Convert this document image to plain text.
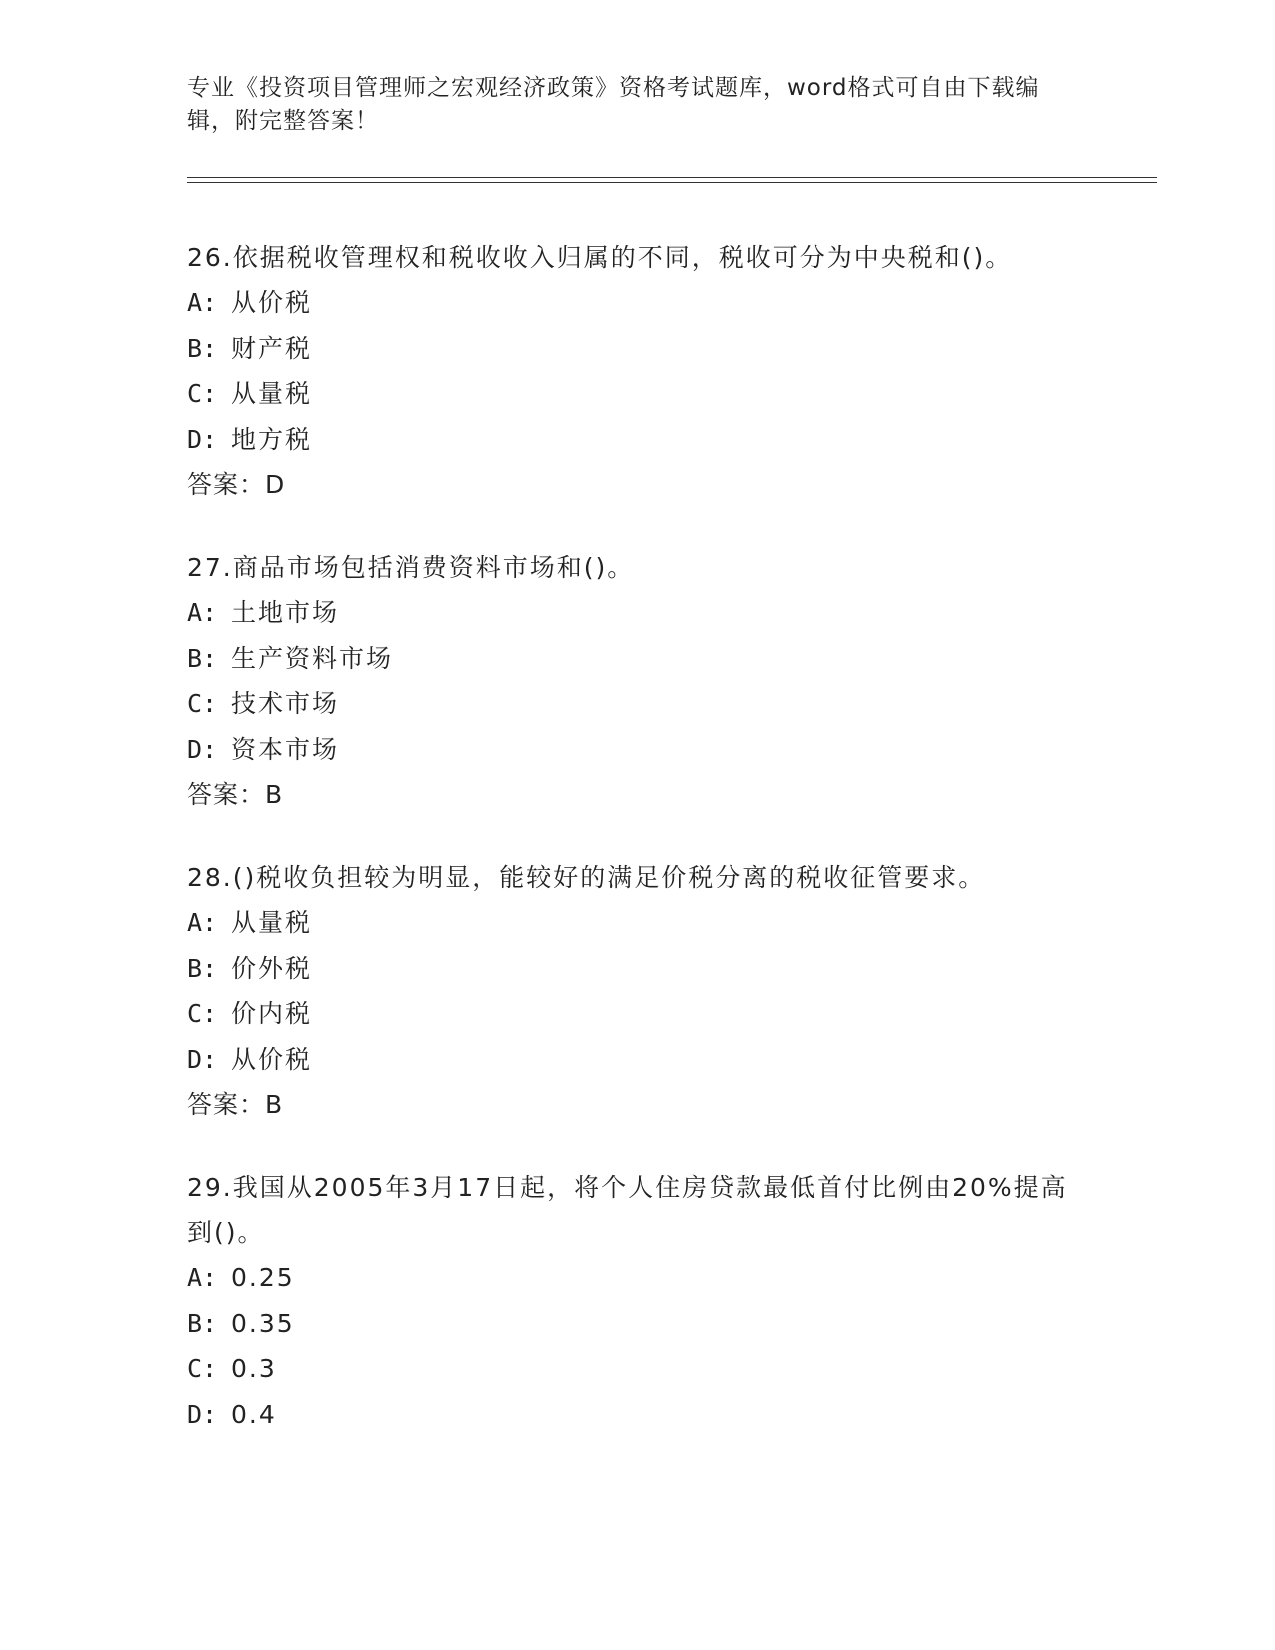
专业《投资项目管理师之宏观经济政策》资格考试题库，word格式可自由下载编辑，附完整答案！
26.依据税收管理权和税收收入归属的不同，税收可分为中央税和()。
A: 从价税
B: 财产税
C: 从量税
D: 地方税
答案：D
27.商品市场包括消费资料市场和()。
A: 土地市场
B: 生产资料市场
C: 技术市场
D: 资本市场
答案：B
28.()税收负担较为明显，能较好的满足价税分离的税收征管要求。
A: 从量税
B: 价外税
C: 价内税
D: 从价税
答案：B
29.我国从2005年3月17日起，将个人住房贷款最低首付比例由20%提高到()。
A: 0.25
B: 0.35
C: 0.3
D: 0.4
